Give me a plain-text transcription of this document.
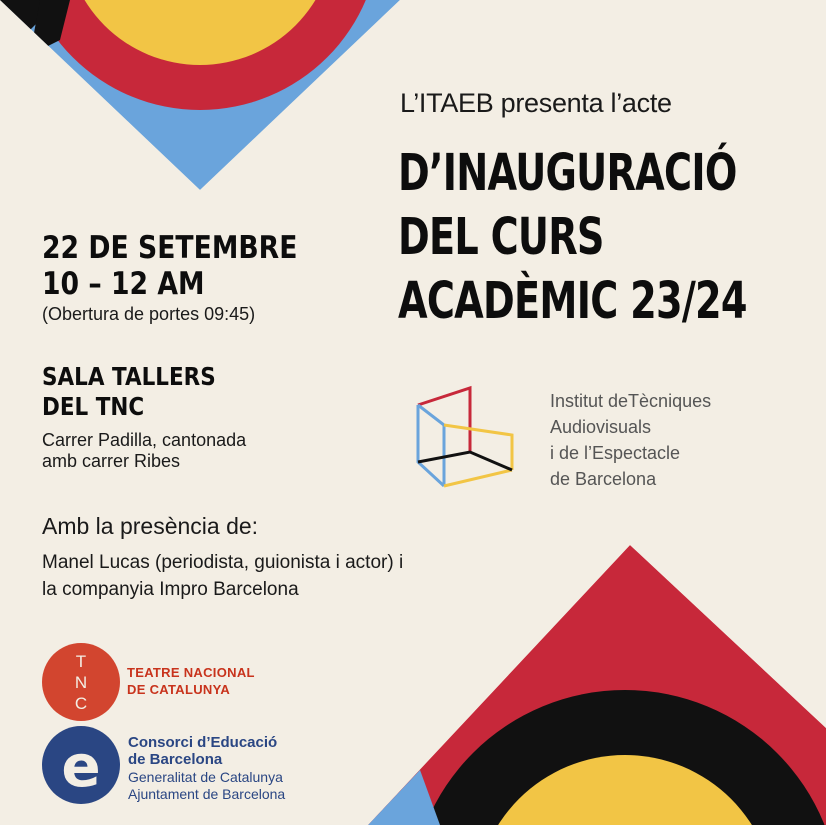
L’ITAEB presenta l’acte
D’INAUGURACIÓ
DEL CURS
ACADÈMIC 23/24
22 DE SETEMBRE
10 – 12 AM
(Obertura de portes 09:45)
SALA TALLERS
DEL TNC
Carrer Padilla, cantonada
amb carrer Ribes
Amb la presència de:
Manel Lucas (periodista, guionista i actor) i
la companyia Impro Barcelona
Institut deTècniques
Audiovisuals
i de l’Espectacle
de Barcelona
T
N
C
TEATRE NACIONAL
DE CATALUNYA
e Consorci d’Educació
de Barcelona
Generalitat de Catalunya
Ajuntament de Barcelona
